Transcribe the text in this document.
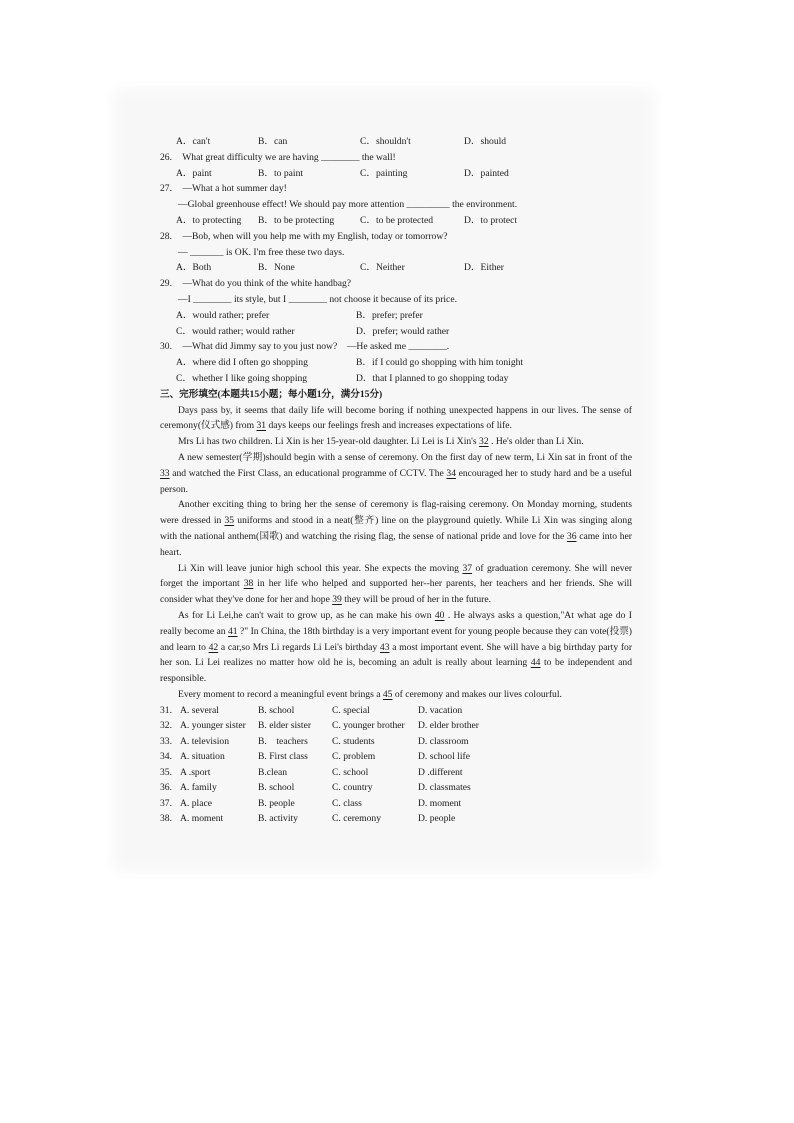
A．can't	B．can	C．shouldn't	D．should
26. What great difficulty we are having ________ the wall!
A．paint	B．to paint	C．painting	D．painted
27. —What a hot summer day!
—Global greenhouse effect! We should pay more attention _________ the environment.
A．to protecting B．to be protecting	C．to be protected	D．to protect
28. —Bob, when will you help me with my English, today or tomorrow?
— _______ is OK. I'm free these two days.
A．Both	B．None	C．Neither	D．Either
29. —What do you think of the white handbag?
—I ________ its style, but I ________ not choose it because of its price.
A．would rather; prefer	B．prefer; prefer
C．would rather; would rather	D．prefer; would rather
30. —What did Jimmy say to you just now?　—He asked me ________.
A．where did I often go shopping	B．if I could go shopping with him tonight
C．whether I like going shopping	D．that I planned to go shopping today
三、完形填空(本题共15小题；每小题1分，满分15分)

Days pass by, it seems that daily life will become boring if nothing unexpected happens in our lives. The sense of ceremony(仪式感) from 31 days keeps our feelings fresh and increases expectations of life.

Mrs Li has two children. Li Xin is her 15-year-old daughter. Li Lei is Li Xin's 32 . He's older than Li Xin.

A new semester(学期)should begin with a sense of ceremony. On the first day of new term, Li Xin sat in front of the 33 and watched the First Class, an educational programme of CCTV. The 34 encouraged her to study hard and be a useful person.

Another exciting thing to bring her the sense of ceremony is flag-raising ceremony. On Monday morning, students were dressed in 35 uniforms and stood in a neat(整齐) line on the playground quietly. While Li Xin was singing along with the national anthem(国歌) and watching the rising flag, the sense of national pride and love for the 36 came into her heart.

Li Xin will leave junior high school this year. She expects the moving 37 of graduation ceremony. She will never forget the important 38 in her life who helped and supported her--her parents, her teachers and her friends. She will consider what they've done for her and hope 39 they will be proud of her in the future.

As for Li Lei,he can't wait to grow up, as he can make his own 40 . He always asks a question,"At what age do I really become an 41 ?" In China, the 18th birthday is a very important event for young people because they can vote(投票) and learn to 42 a car,so Mrs Li regards Li Lei's birthday 43 a most important event. She will have a big birthday party for her son. Li Lei realizes no matter how old he is, becoming an adult is really about learning 44 to be independent and responsible.

Every moment to record a meaningful event brings a 45 of ceremony and makes our lives colourful.

31. A. several	B. school	C. special	D. vacation
32. A. younger sister B. elder sister C. younger brother D. elder brother
33. A. television	B.　teachers	C. students	D. classroom
34. A. situation	B. First class	C. problem	D. school life
35. A .sport	B.clean	C. school	D .different
36. A. family	B. school	C. country	D. classmates
37. A. place	B. people	C. class	D. moment
38. A. moment	B. activity	C. ceremony	D. people
